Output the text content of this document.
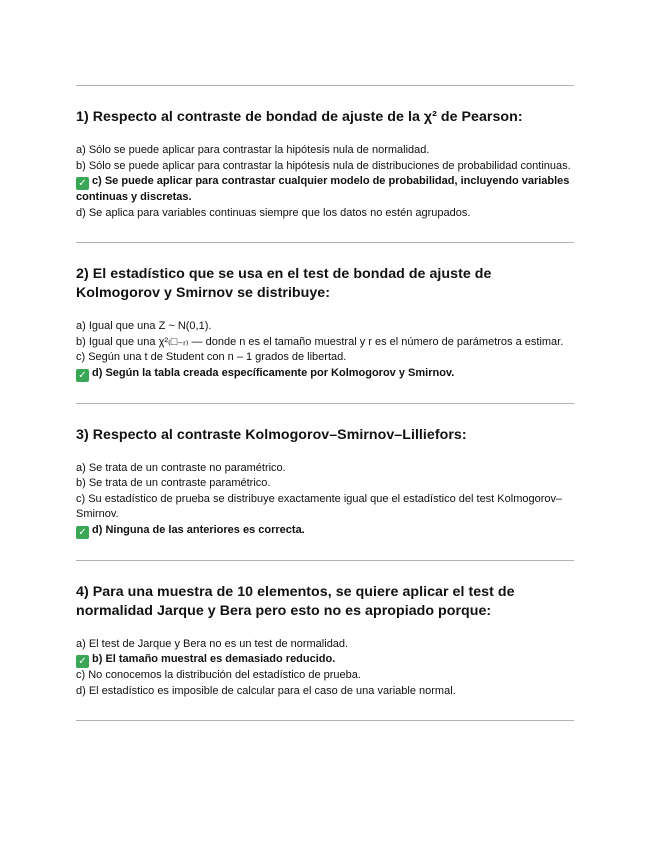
1) Respecto al contraste de bondad de ajuste de la χ² de Pearson:

a) Sólo se puede aplicar para contrastar la hipótesis nula de normalidad.

b) Sólo se puede aplicar para contrastar la hipótesis nula de distribuciones de probabilidad continuas.

✓ c) Se puede aplicar para contrastar cualquier modelo de probabilidad, incluyendo variables continuas y discretas.

d) Se aplica para variables continuas siempre que los datos no estén agrupados.

2) El estadístico que se usa en el test de bondad de ajuste de Kolmogorov y Smirnov se distribuye:

a) Igual que una Z ~ N(0,1).

b) Igual que una χ²₍□₋ᵣ₎ — donde n es el tamaño muestral y r es el número de parámetros a estimar.

c) Según una t de Student con n – 1 grados de libertad.

✓ d) Según la tabla creada específicamente por Kolmogorov y Smirnov.

3) Respecto al contraste Kolmogorov–Smirnov–Lilliefors:

a) Se trata de un contraste no paramétrico.

b) Se trata de un contraste paramétrico.

c) Su estadístico de prueba se distribuye exactamente igual que el estadístico del test Kolmogorov–Smirnov.

✓ d) Ninguna de las anteriores es correcta.

4) Para una muestra de 10 elementos, se quiere aplicar el test de normalidad Jarque y Bera pero esto no es apropiado porque:

a) El test de Jarque y Bera no es un test de normalidad.

✓ b) El tamaño muestral es demasiado reducido.

c) No conocemos la distribución del estadístico de prueba.

d) El estadístico es imposible de calcular para el caso de una variable normal.
